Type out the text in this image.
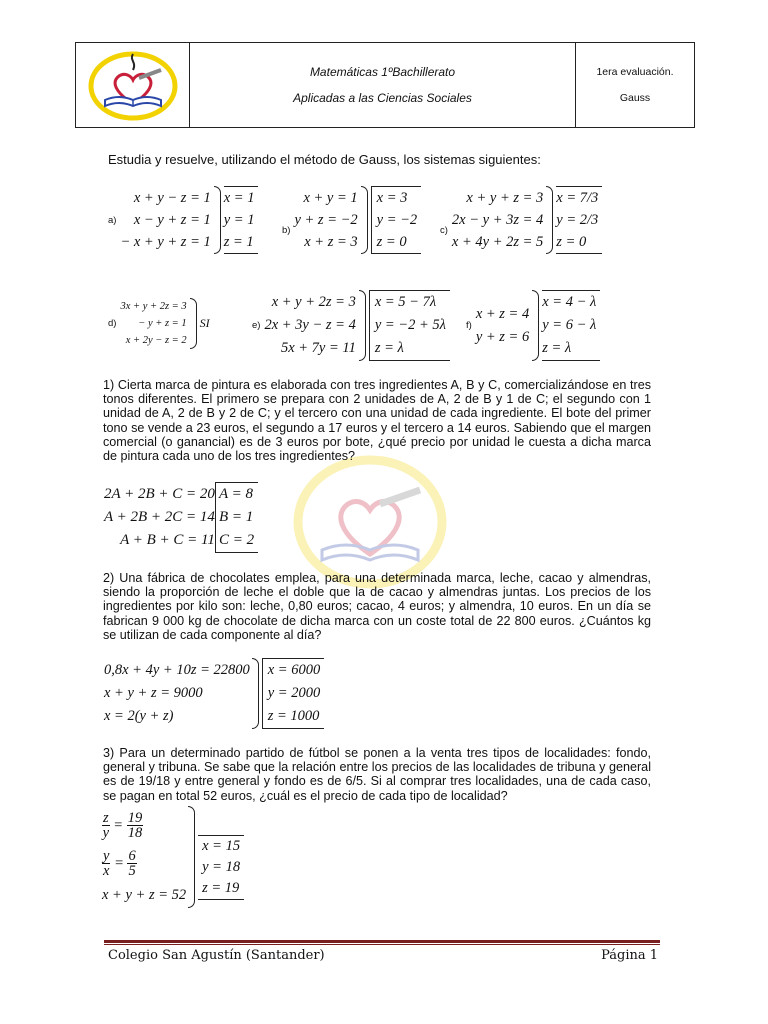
Matemáticas 1ºBachillerato
Aplicadas a las Ciencias Sociales
1era evaluación.
Gauss
Estudia y resuelve, utilizando el método de Gauss, los sistemas siguientes:
a)
x + y − z = 1
x − y + z = 1
− x + y + z = 1
x = 1
y = 1
z = 1
b)
x + y = 1
y + z = −2
x + z = 3
x = 3
y = −2
z = 0
c)
x + y + z = 3
2x − y + 3z = 4
x + 4y + 2z = 5
x = 7/3
y = 2/3
z = 0
d)
3x + y + 2z = 3
− y + z = 1
x + 2y − z = 2
SI	e)
x + y + 2z = 3
2x + 3y − z = 4
5x + 7y = 11
x = 5 − 7λ
y = −2 + 5λ
z = λ
f)
x + z = 4
y + z = 6
x = 4 − λ
y = 6 − λ
z = λ
1) Cierta marca de pintura es elaborada con tres ingredientes A, B y C, comercializándose en tres tonos diferentes. El primero se prepara con 2 unidades de A, 2 de B y 1 de C; el segundo con 1 unidad de A, 2 de B y 2 de C; y el tercero con una unidad de cada ingrediente. El bote del primer tono se vende a 23 euros, el segundo a 17 euros y el tercero a 14 euros. Sabiendo que el margen comercial (o ganancial) es de 3 euros por bote, ¿qué precio por unidad le cuesta a dicha marca de pintura cada uno de los tres ingredientes?
2A + 2B + C = 20
A + 2B + 2C = 14
A + B + C = 11
A = 8
B = 1
C = 2
2) Una fábrica de chocolates emplea, para una determinada marca, leche, cacao y almendras, siendo la proporción de leche el doble que la de cacao y almendras juntas. Los precios de los ingredientes por kilo son: leche, 0,80 euros; cacao, 4 euros; y almendra, 10 euros. En un día se fabrican 9 000 kg de chocolate de dicha marca con un coste total de 22 800 euros. ¿Cuántos kg se utilizan de cada componente al día?
0,8x + 4y + 10z = 22800
x + y + z = 9000
x = 2(y + z)
x = 6000
y = 2000
z = 1000
3) Para un determinado partido de fútbol se ponen a la venta tres tipos de localidades: fondo, general y tribuna. Se sabe que la relación entre los precios de las localidades de tribuna y general es de 19/18 y entre general y fondo es de 6/5. Si al comprar tres localidades, una de cada caso, se pagan en total 52 euros, ¿cuál es el precio de cada tipo de localidad?
$\frac{z}{y} = \frac{19}{18}$
$\frac{y}{x} = \frac{6}{5}$
x + y + z = 52
x = 15
y = 18
z = 19
Colegio San Agustín (Santander)	Página 1
